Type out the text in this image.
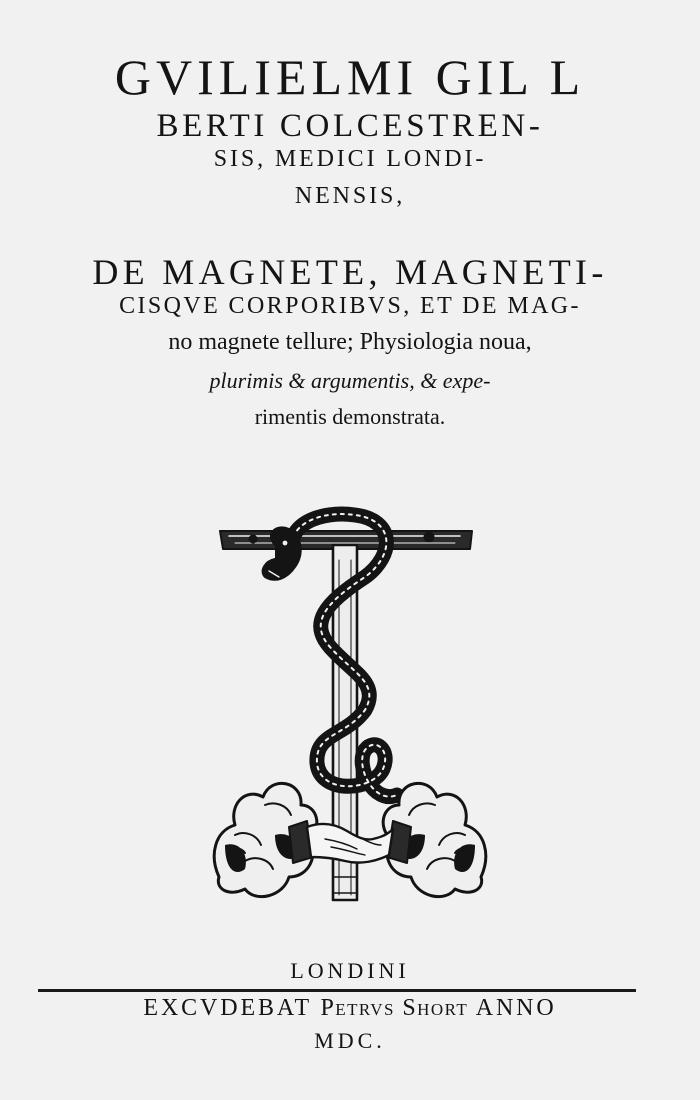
GVILIELMI GIL L
BERTI COLCESTREN-
SIS, MEDICI LONDI-
NENSIS,
DE MAGNETE, MAGNETI-
CISQVE CORPORIBVS, ET DE MAG-
no magnete tellure; Physiologia noua,
plurimis & argumentis, & expe-
rimentis demonstrata.
LONDINI
EXCVDEBAT Petrvs Short ANNO
MDC.
